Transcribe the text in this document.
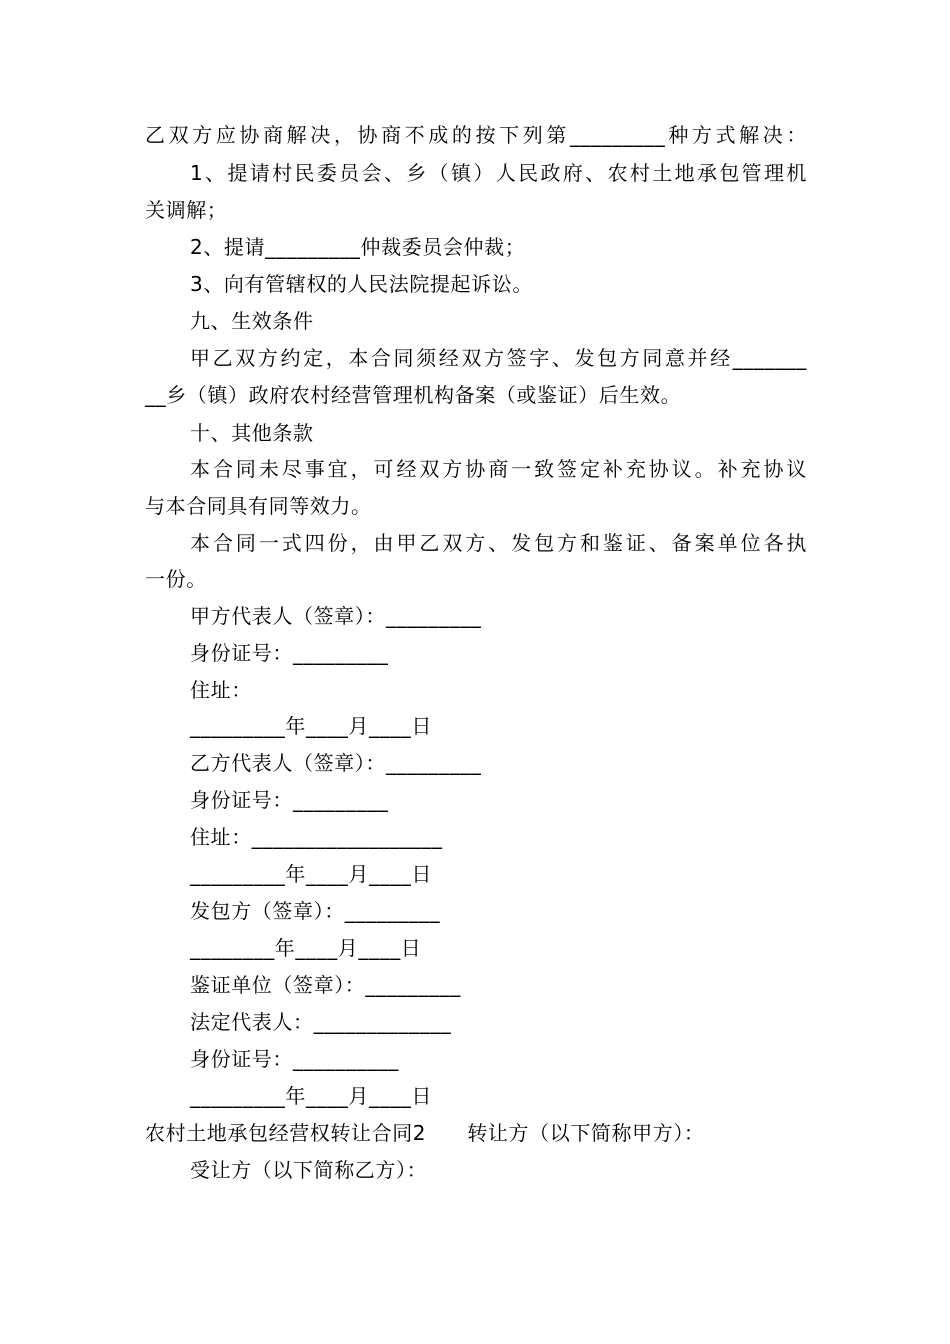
乙双方应协商解决，协商不成的按下列第_________种方式解决：
1、提请村民委员会、乡（镇）人民政府、农村土地承包管理机
关调解；
2、提请_________仲裁委员会仲裁；
3、向有管辖权的人民法院提起诉讼。
九、生效条件
甲乙双方约定，本合同须经双方签字、发包方同意并经_______
__乡（镇）政府农村经营管理机构备案（或鉴证）后生效。
十、其他条款
本合同未尽事宜，可经双方协商一致签定补充协议。补充协议
与本合同具有同等效力。
本合同一式四份，由甲乙双方、发包方和鉴证、备案单位各执
一份。
甲方代表人（签章）：_________
身份证号：_________
住址：
_________年____月____日
乙方代表人（签章）：_________
身份证号：_________
住址：__________________
_________年____月____日
发包方（签章）：_________
________年____月____日
鉴证单位（签章）：_________
法定代表人：_____________
身份证号：__________
_________年____月____日
农村土地承包经营权转让合同2　　转让方（以下简称甲方）：
受让方（以下简称乙方）：
